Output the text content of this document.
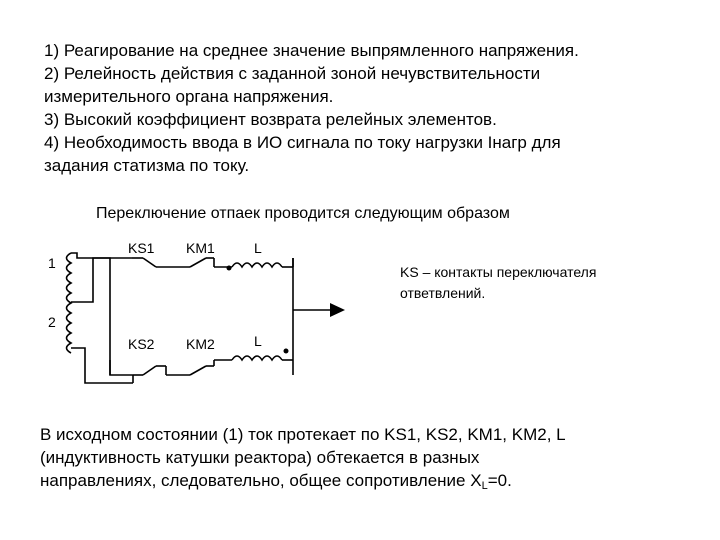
1) Реагирование на среднее значение выпрямленного напряжения.
2) Релейность действия с заданной зоной нечувствительности
измерительного органа напряжения.
3) Высокий коэффициент возврата релейных элементов.
4) Необходимость ввода в ИО сигнала по току нагрузки Iнагр для
задания статизма по току.
Переключение отпаек проводится следующим образом
1
2
KS1 KM1	L
KS2 KM2	L
KS – контакты переключателя
ответвлений.
В исходном состоянии (1) ток протекает по KS1, KS2, KM1, KM2, L
(индуктивность катушки реактора) обтекается в разных
направлениях, следовательно, общее сопротивление $X_L=0$.
